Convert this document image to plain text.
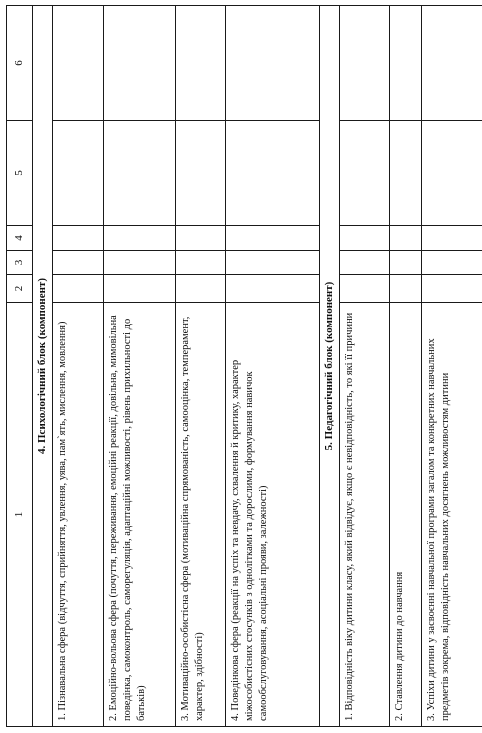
1	2	3	4	5	6
4. Психологічний блок (компонент)					
1. Пізнавальна сфера (відчуття, сприйняття, увлення, уява, пам`ять, мислення, мовлення)					
2. Емоційно-вольова сфера (почуття, переживання, емоційні реакції, довільна, мимовільна поведінка, самоконтроль, саморегуляція, адаптаційні можливості, рівень прихильності до батьків)					
3. Мотиваційно-особистісна сфера (мотиваційна спрямованість, самооцінка, темперамент, характер, здібності)					
4. Поведінкова сфера (реакції на успіх та невдачу, схвалення й критику, характер міжособистісних стосунків з однолітками та дорослими, формування навичок самообслуговування, асоціальні прояви, залежності)					
5. Педагогічний блок (компонент)					
1. Відповідність віку дитини класу, який відвідує, якщо є невідповідність, то які її причини					
2. Ставлення дитини до навчання					
3. Успіхи дитини у засвоєнні навчальної програми загалом та конкретних навчальних предметів зокрема, відповідність навчальних досягнень можливостям дитини					
